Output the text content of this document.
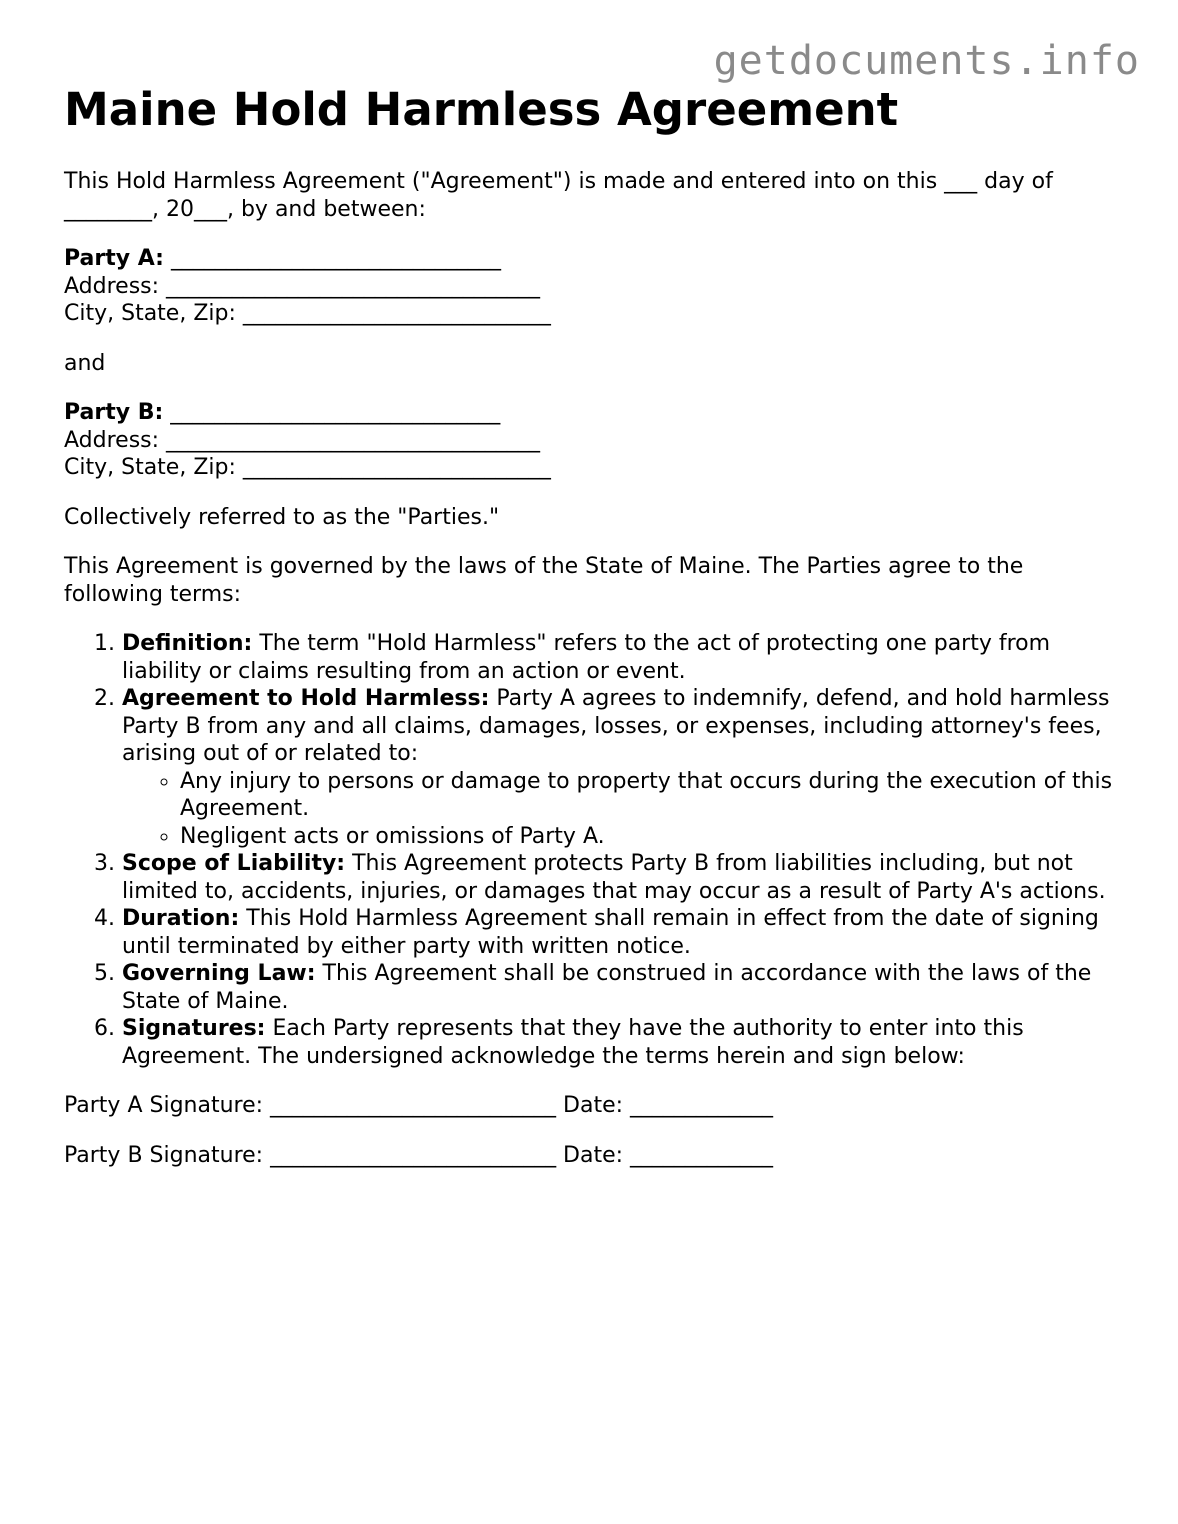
getdocuments.info
Maine Hold Harmless Agreement

This Hold Harmless Agreement ("Agreement") is made and entered into on this ___ day of ________, 20___, by and between:

Party A: ______________________________
Address: __________________________________
City, State, Zip: ____________________________

and

Party B: ______________________________
Address: __________________________________
City, State, Zip: ____________________________

Collectively referred to as the "Parties."

This Agreement is governed by the laws of the State of Maine. The Parties agree to the following terms:

1. Definition: The term "Hold Harmless" refers to the act of protecting one party from liability or claims resulting from an action or event.
2. Agreement to Hold Harmless: Party A agrees to indemnify, defend, and hold harmless Party B from any and all claims, damages, losses, or expenses, including attorney's fees, arising out of or related to:
◦ Any injury to persons or damage to property that occurs during the execution of this Agreement.
◦ Negligent acts or omissions of Party A.
3. Scope of Liability: This Agreement protects Party B from liabilities including, but not limited to, accidents, injuries, or damages that may occur as a result of Party A's actions.
4. Duration: This Hold Harmless Agreement shall remain in effect from the date of signing until terminated by either party with written notice.
5. Governing Law: This Agreement shall be construed in accordance with the laws of the State of Maine.
6. Signatures: Each Party represents that they have the authority to enter into this Agreement. The undersigned acknowledge the terms herein and sign below:

Party A Signature: __________________________ Date: _____________

Party B Signature: __________________________ Date: _____________
